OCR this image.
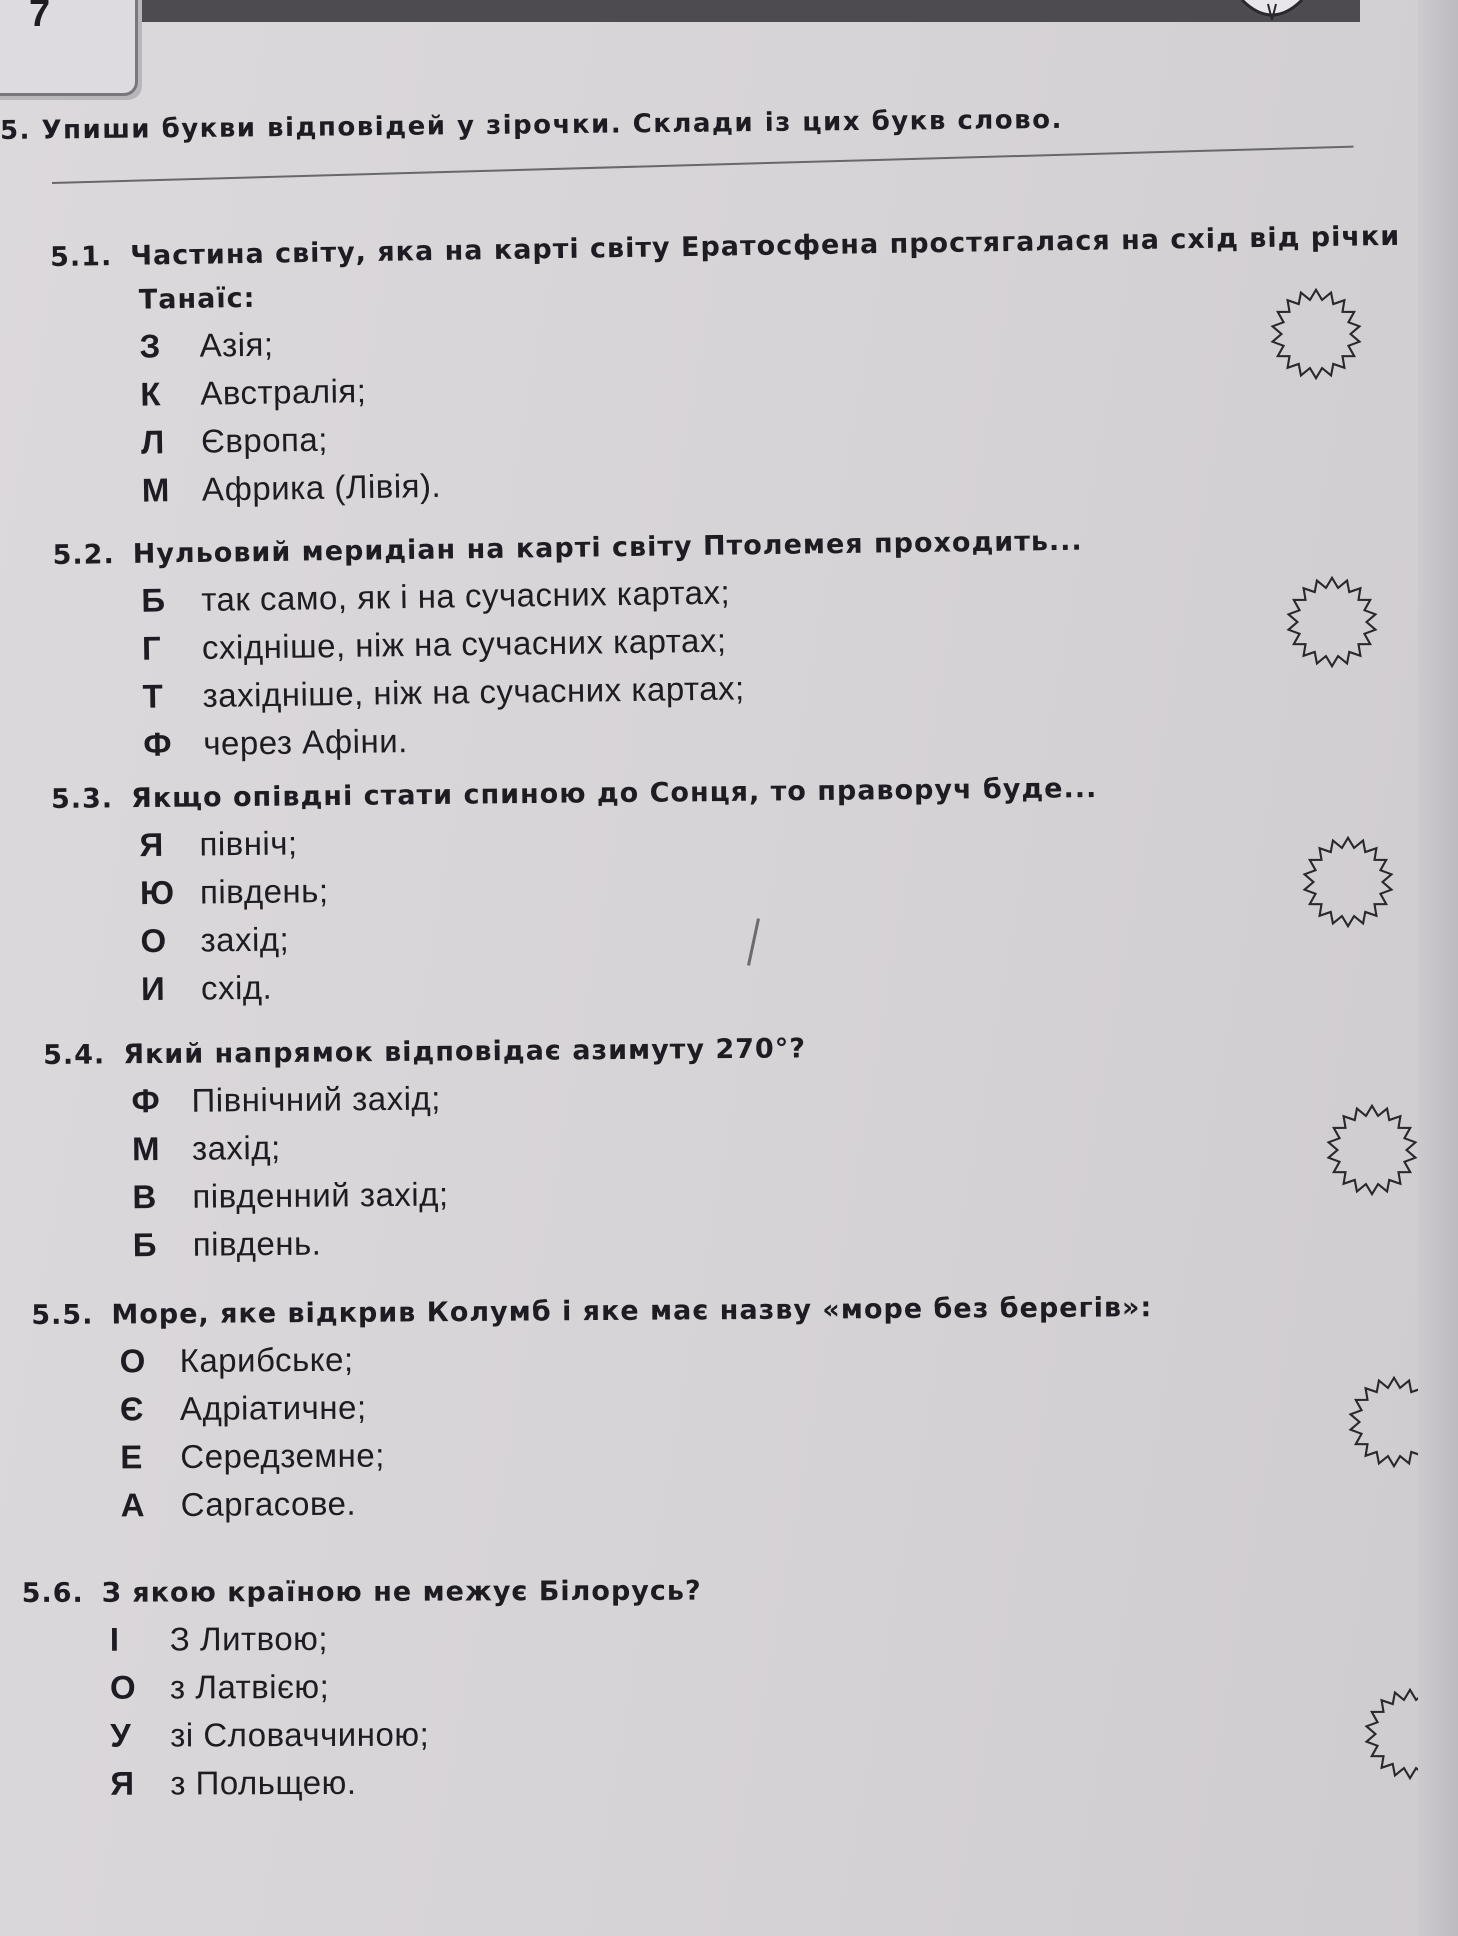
7
5. Упиши букви відповідей у зірочки. Склади із цих букв слово.
5.1. Частина світу, яка на карті світу Ератосфена простягалася на схід від річки
Танаїс:
З	Азія;
К	Австралія;
Л	Європа;
М Африка (Лівія).
5.2. Нульовий меридіан на карті світу Птолемея проходить...
Б	так само, як і на сучасних картах;
Г	східніше, ніж на сучасних картах;
Т	західніше, ніж на сучасних картах;
Ф через Афіни.
5.3. Якщо опівдні стати спиною до Сонця, то праворуч буде...
Я	північ;
Ю південь;
О	захід;
И	схід.
5.4. Який напрямок відповідає азимуту 270°?
Ф Північний захід;
М захід;
В	південний захід;
Б	південь.
5.5. Море, яке відкрив Колумб і яке має назву «море без берегів»:
О	Карибське;
Є	Адріатичне;
Е	Середземне;
А	Саргасове.
5.6. З якою країною не межує Білорусь?
І	З Литвою;
О	з Латвією;
У	зі Словаччиною;
Я	з Польщею.
